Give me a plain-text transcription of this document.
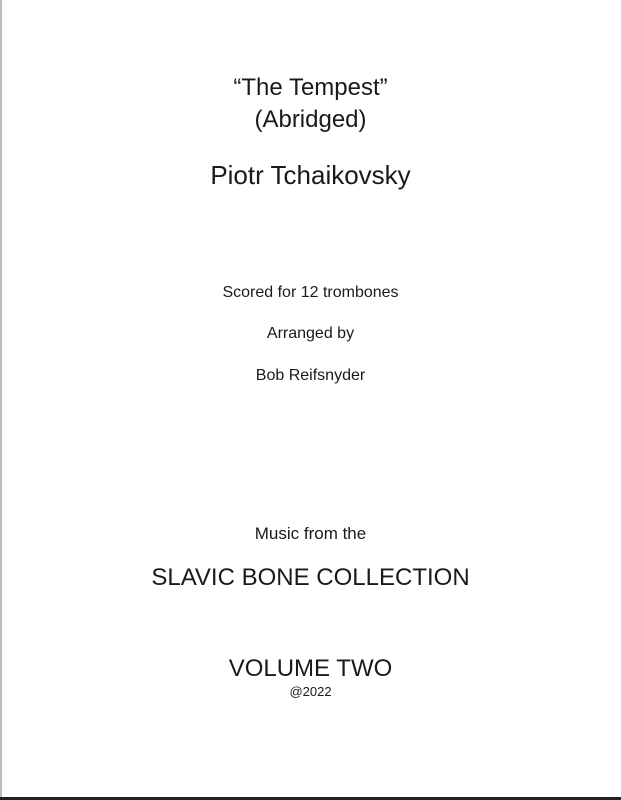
“The Tempest”
(Abridged)
Piotr Tchaikovsky
Scored for 12 trombones
Arranged by
Bob Reifsnyder
Music from the
SLAVIC BONE COLLECTION
VOLUME TWO
@2022
